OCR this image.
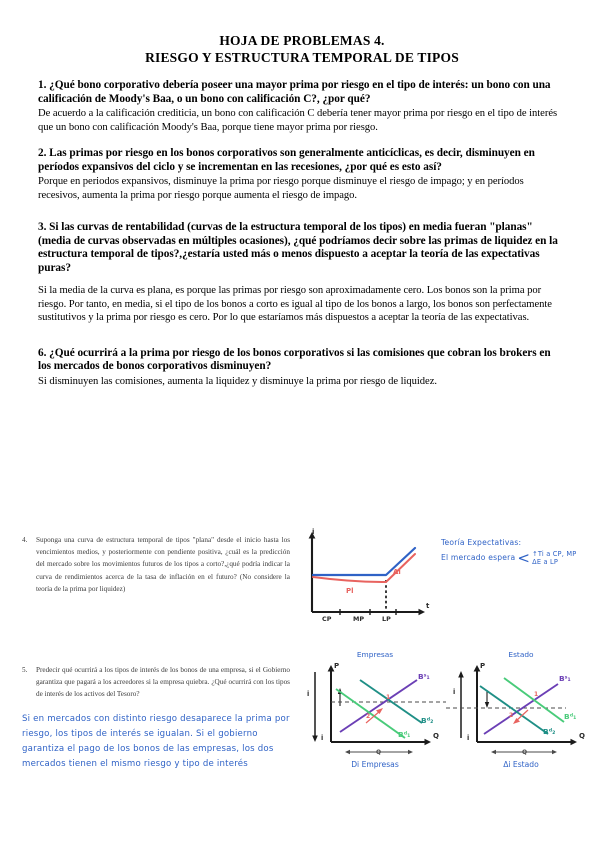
HOJA DE PROBLEMAS 4.
RIESGO Y ESTRUCTURA TEMPORAL DE TIPOS
1. ¿Qué bono corporativo debería poseer una mayor prima por riesgo en el tipo de interés: un bono con una calificación de Moody's Baa, o un bono con calificación C?, ¿por qué?
De acuerdo a la calificación crediticia, un bono con calificación C debería tener mayor prima por riesgo en el tipo de interés que un bono con calificación Moody's Baa, porque tiene mayor prima por riesgo.
2. Las primas por riesgo en los bonos corporativos son generalmente anticíclicas, es decir, disminuyen en períodos expansivos del ciclo y se incrementan en las recesiones, ¿por qué es esto así?
Porque en periodos expansivos, disminuye la prima por riesgo porque disminuye el riesgo de impago; y en períodos recesivos, aumenta la prima por riesgo porque aumenta el riesgo de impago.
3. Si las curvas de rentabilidad (curvas de la estructura temporal de los tipos) en media fueran "planas" (media de curvas observadas en múltiples ocasiones), ¿qué podríamos decir sobre las primas de liquidez en la estructura temporal de tipos?,¿estaría usted más o menos dispuesto a aceptar la teoría de las expectativas puras?
Si la media de la curva es plana, es porque las primas por riesgo son aproximadamente cero. Los bonos son la prima por riesgo. Por tanto, en media, si el tipo de los bonos a corto es igual al tipo de los bonos a largo, los bonos son perfectamente sustitutivos y la prima por riesgo es cero. Por lo que estaríamos más dispuestos a aceptar la teoría de las expectativas.
6. ¿Qué ocurrirá a la prima por riesgo de los bonos corporativos si las comisiones que cobran los brokers en los mercados de bonos corporativos disminuyen?
Si disminuyen las comisiones, aumenta la liquidez y disminuye la prima por riesgo de liquidez.
4. Suponga una curva de estructura temporal de tipos "plana" desde el inicio hasta los vencimientos medios, y posteriormente con pendiente positiva, ¿cuál es la predicción del mercado sobre los movimientos futuros de los tipos a corto?,¿qué podría indicar la curva de rendimientos acerca de la tasa de inflación en el futuro? (No considere la teoría de la prima por liquidez)
i
t
CP	MP	LP
Pl
Δi
Teoría Expectativas:
El mercado espera < ↑Ti a CP, MP
ΔE a LP
5. Predecir qué ocurrirá a los tipos de interés de los bonos de una empresa, si el Gobierno garantiza que pagará a los acreedores si la empresa quiebra. ¿Qué ocurrirá con los tipos de interés de los activos del Tesoro?
Si en mercados con distinto riesgo desaparece la prima por riesgo, los tipos de interés se igualan. Si el gobierno garantiza el pago de los bonos de las empresas, los dos mercados tienen el mismo riesgo y tipo de interés
Empresas
P
Q
i
i
Bˢ₁
Bᵈ₁
Bᵈ₂
1
2
Q
Di Empresas
Estado
P
Q
i
i
Bˢ₁
Bᵈ₁
Bᵈ₂
1
2
Q
Δi Estado
